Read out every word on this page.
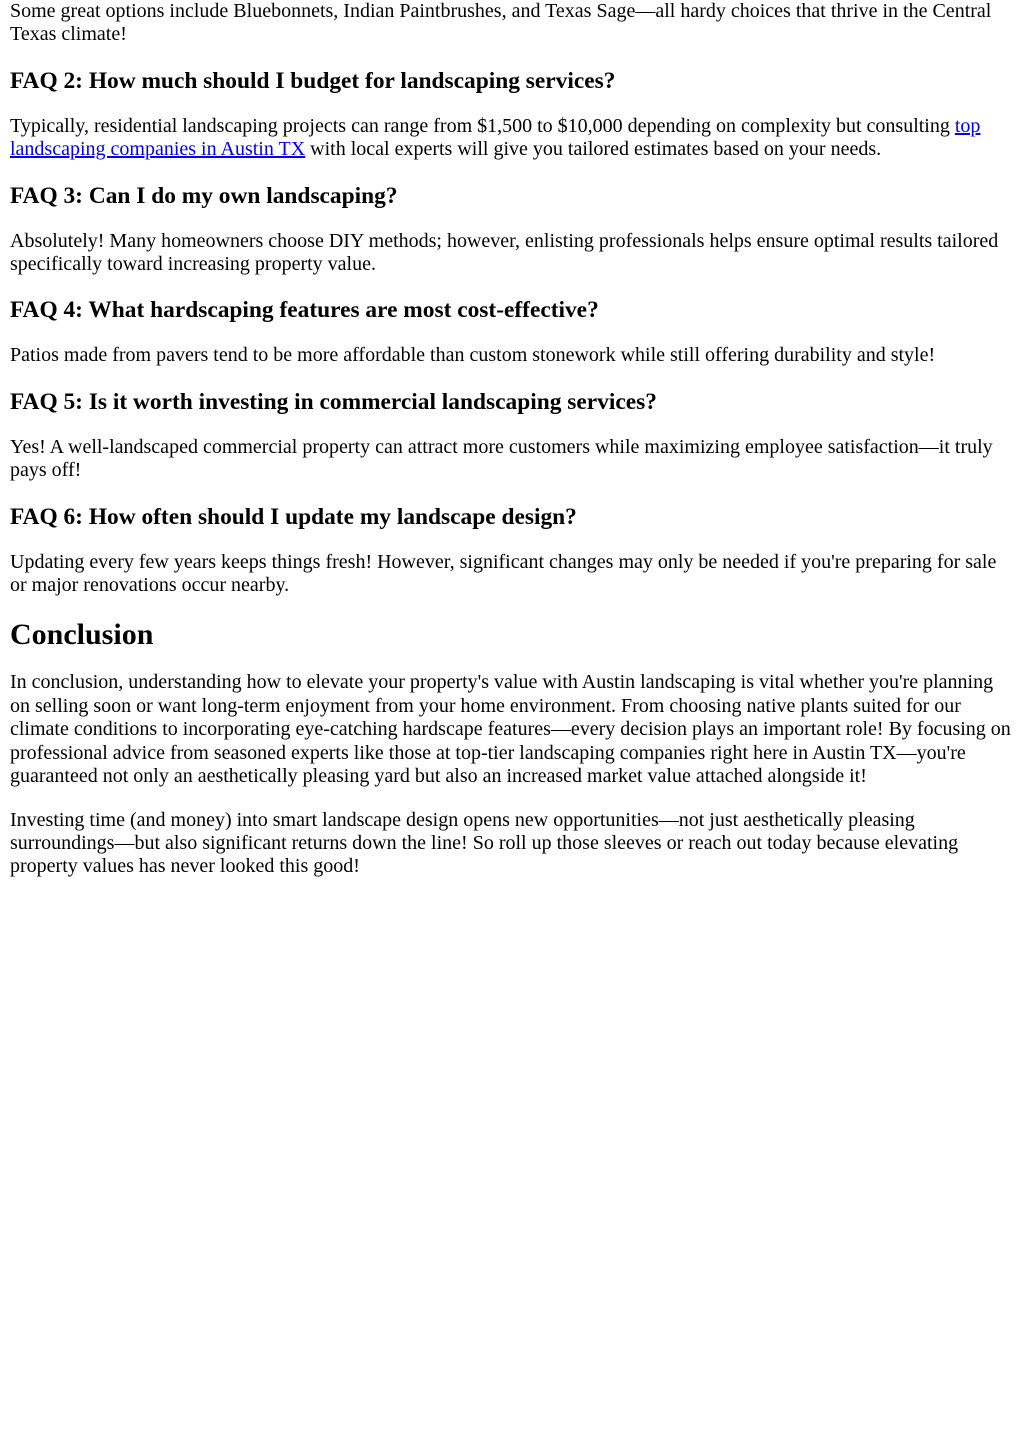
Some great options include Bluebonnets, Indian Paintbrushes, and Texas Sage—all hardy choices that thrive in the Central Texas climate!

FAQ 2: How much should I budget for landscaping services?

Typically, residential landscaping projects can range from $1,500 to $10,000 depending on complexity but consulting top landscaping companies in Austin TX with local experts will give you tailored estimates based on your needs.

FAQ 3: Can I do my own landscaping?

Absolutely! Many homeowners choose DIY methods; however, enlisting professionals helps ensure optimal results tailored specifically toward increasing property value.

FAQ 4: What hardscaping features are most cost-effective?

Patios made from pavers tend to be more affordable than custom stonework while still offering durability and style!

FAQ 5: Is it worth investing in commercial landscaping services?

Yes! A well-landscaped commercial property can attract more customers while maximizing employee satisfaction—it truly pays off!

FAQ 6: How often should I update my landscape design?

Updating every few years keeps things fresh! However, significant changes may only be needed if you're preparing for sale or major renovations occur nearby.

Conclusion

In conclusion, understanding how to elevate your property's value with Austin landscaping is vital whether you're planning on selling soon or want long-term enjoyment from your home environment. From choosing native plants suited for our climate conditions to incorporating eye-catching hardscape features—every decision plays an important role! By focusing on professional advice from seasoned experts like those at top-tier landscaping companies right here in Austin TX—you're guaranteed not only an aesthetically pleasing yard but also an increased market value attached alongside it!

Investing time (and money) into smart landscape design opens new opportunities—not just aesthetically pleasing surroundings—but also significant returns down the line! So roll up those sleeves or reach out today because elevating property values has never looked this good!
